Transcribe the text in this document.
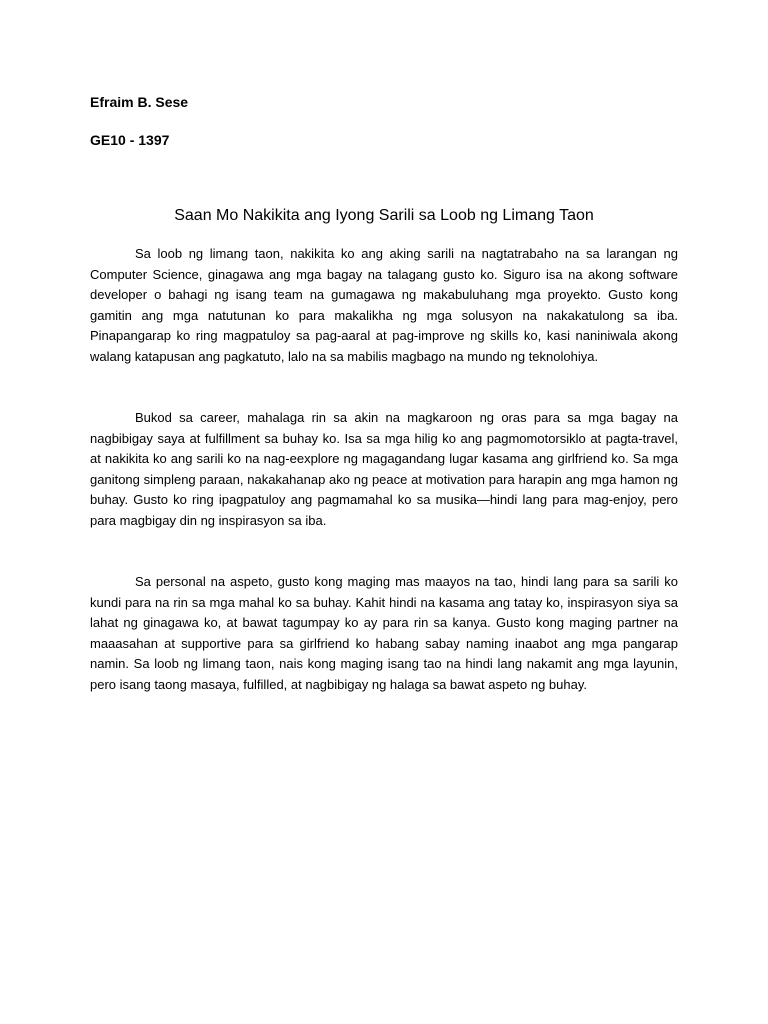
Efraim B. Sese

GE10 - 1397

Saan Mo Nakikita ang Iyong Sarili sa Loob ng Limang Taon

Sa loob ng limang taon, nakikita ko ang aking sarili na nagtatrabaho na sa larangan ng Computer Science, ginagawa ang mga bagay na talagang gusto ko. Siguro isa na akong software developer o bahagi ng isang team na gumagawa ng makabuluhang mga proyekto. Gusto kong gamitin ang mga natutunan ko para makalikha ng mga solusyon na nakakatulong sa iba. Pinapangarap ko ring magpatuloy sa pag-aaral at pag-improve ng skills ko, kasi naniniwala akong walang katapusan ang pagkatuto, lalo na sa mabilis magbago na mundo ng teknolohiya.

Bukod sa career, mahalaga rin sa akin na magkaroon ng oras para sa mga bagay na nagbibigay saya at fulfillment sa buhay ko. Isa sa mga hilig ko ang pagmomotorsiklo at pagta-travel, at nakikita ko ang sarili ko na nag-eexplore ng magagandang lugar kasama ang girlfriend ko. Sa mga ganitong simpleng paraan, nakakahanap ako ng peace at motivation para harapin ang mga hamon ng buhay. Gusto ko ring ipagpatuloy ang pagmamahal ko sa musika—hindi lang para mag-enjoy, pero para magbigay din ng inspirasyon sa iba.

Sa personal na aspeto, gusto kong maging mas maayos na tao, hindi lang para sa sarili ko kundi para na rin sa mga mahal ko sa buhay. Kahit hindi na kasama ang tatay ko, inspirasyon siya sa lahat ng ginagawa ko, at bawat tagumpay ko ay para rin sa kanya. Gusto kong maging partner na maaasahan at supportive para sa girlfriend ko habang sabay naming inaabot ang mga pangarap namin. Sa loob ng limang taon, nais kong maging isang tao na hindi lang nakamit ang mga layunin, pero isang taong masaya, fulfilled, at nagbibigay ng halaga sa bawat aspeto ng buhay.
